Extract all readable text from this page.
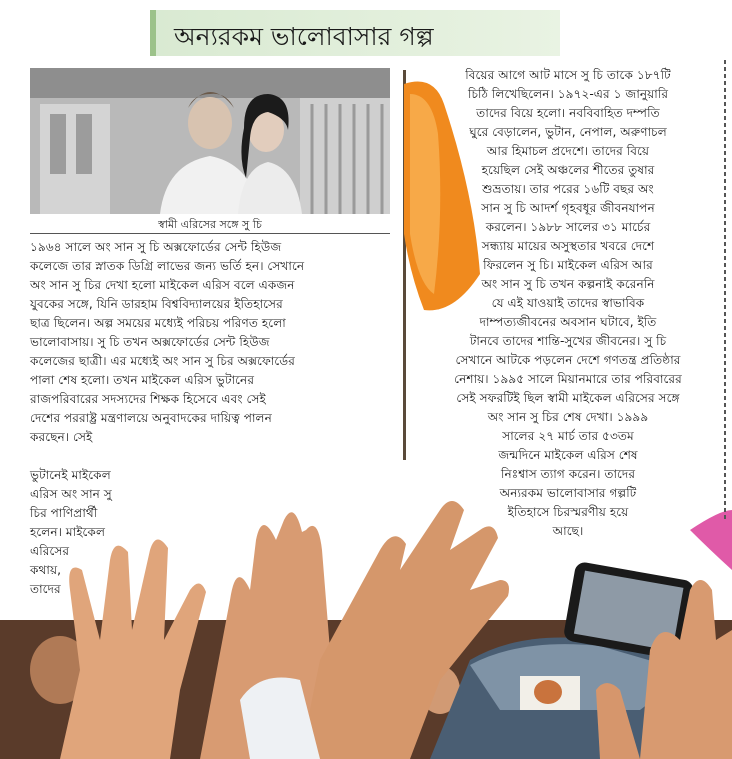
অন্যরকম ভালোবাসার গল্প
স্বামী এরিসের সঙ্গে সু চি

১৯৬৪ সালে অং সান সু চি অক্সফোর্ডের সেন্ট হিউজ

কলেজে তার স্নাতক ডিগ্রি লাভের জন্য ভর্তি হন। সেখানে

অং সান সু চির দেখা হলো মাইকেল এরিস বলে একজন

যুবকের সঙ্গে, যিনি ডারহাম বিশ্ববিদ্যালয়ের ইতিহাসের

ছাত্র ছিলেন। অল্প সময়ের মধ্যেই পরিচয় পরিণত হলো

ভালোবাসায়। সু চি তখন অক্সফোর্ডের সেন্ট হিউজ

কলেজের ছাত্রী। এর মধ্যেই অং সান সু চির অক্সফোর্ডের

পালা শেষ হলো। তখন মাইকেল এরিস ভুটানের

রাজপরিবারের সদস্যদের শিক্ষক হিসেবে এবং সেই

দেশের পররাষ্ট্র মন্ত্রণালয়ে অনুবাদকের দায়িত্ব পালন

করছেন। সেই

ভুটানেই মাইকেল

এরিস অং সান সু

চির পাণিপ্রার্থী

হলেন। মাইকেল

এরিসের

কথায়,

তাদের

বিয়ের আগে আট মাসে সু চি তাকে ১৮৭টি

চিঠি লিখেছিলেন। ১৯৭২-এর ১ জানুয়ারি

তাদের বিয়ে হলো। নববিবাহিত দম্পতি

ঘুরে বেড়ালেন, ভুটান, নেপাল, অরুণাচল

আর হিমাচল প্রদেশে। তাদের বিয়ে

হয়েছিল সেই অঞ্চলের শীতের তুষার

শুভ্রতায়। তার পরের ১৬টি বছর অং

সান সু চি আদর্শ গৃহবধূর জীবনযাপন

করলেন। ১৯৮৮ সালের ৩১ মার্চের

সন্ধ্যায় মায়ের অসুস্থতার খবরে দেশে

ফিরলেন সু চি। মাইকেল এরিস আর

অং সান সু চি তখন কল্পনাই করেননি

যে এই যাওয়াই তাদের স্বাভাবিক

দাম্পত্যজীবনের অবসান ঘটাবে, ইতি

টানবে তাদের শান্তি-সুখের জীবনের। সু চি

সেখানে আটকে পড়লেন দেশে গণতন্ত্র প্রতিষ্ঠার

নেশায়। ১৯৯৫ সালে মিয়ানমারে তার পরিবারের

সেই সফরটিই ছিল স্বামী মাইকেল এরিসের সঙ্গে

অং সান সু চির শেষ দেখা। ১৯৯৯

সালের ২৭ মার্চ তার ৫৩তম

জন্মদিনে মাইকেল এরিস শেষ

নিঃশ্বাস ত্যাগ করেন। তাদের

অন্যরকম ভালোবাসার গল্পটি

ইতিহাসে চিরস্মরণীয় হয়ে

আছে।
